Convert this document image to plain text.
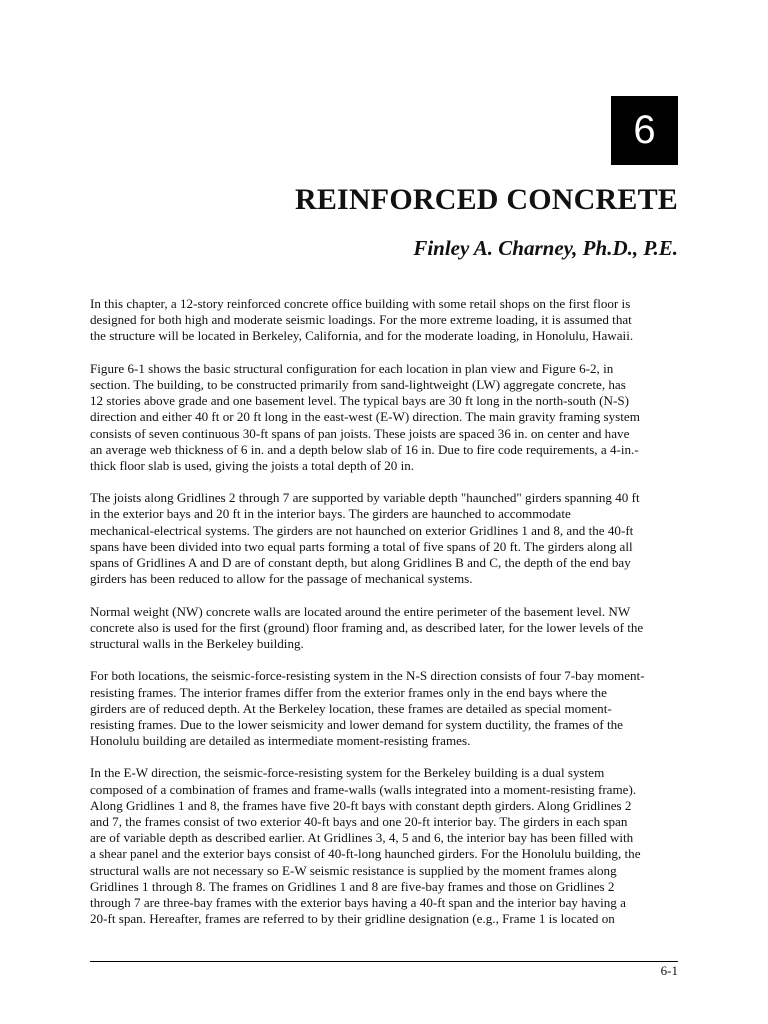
6
REINFORCED CONCRETE
Finley A. Charney, Ph.D., P.E.
In this chapter, a 12-story reinforced concrete office building with some retail shops on the first floor is
designed for both high and moderate seismic loadings. For the more extreme loading, it is assumed that
the structure will be located in Berkeley, California, and for the moderate loading, in Honolulu, Hawaii.
Figure 6-1 shows the basic structural configuration for each location in plan view and Figure 6-2, in
section. The building, to be constructed primarily from sand-lightweight (LW) aggregate concrete, has
12 stories above grade and one basement level. The typical bays are 30 ft long in the north-south (N-S)
direction and either 40 ft or 20 ft long in the east-west (E-W) direction. The main gravity framing system
consists of seven continuous 30-ft spans of pan joists. These joists are spaced 36 in. on center and have
an average web thickness of 6 in. and a depth below slab of 16 in. Due to fire code requirements, a 4-in.-
thick floor slab is used, giving the joists a total depth of 20 in.
The joists along Gridlines 2 through 7 are supported by variable depth "haunched" girders spanning 40 ft
in the exterior bays and 20 ft in the interior bays. The girders are haunched to accommodate
mechanical-electrical systems. The girders are not haunched on exterior Gridlines 1 and 8, and the 40-ft
spans have been divided into two equal parts forming a total of five spans of 20 ft. The girders along all
spans of Gridlines A and D are of constant depth, but along Gridlines B and C, the depth of the end bay
girders has been reduced to allow for the passage of mechanical systems.
Normal weight (NW) concrete walls are located around the entire perimeter of the basement level. NW
concrete also is used for the first (ground) floor framing and, as described later, for the lower levels of the
structural walls in the Berkeley building.
For both locations, the seismic-force-resisting system in the N-S direction consists of four 7-bay moment-
resisting frames. The interior frames differ from the exterior frames only in the end bays where the
girders are of reduced depth. At the Berkeley location, these frames are detailed as special moment-
resisting frames. Due to the lower seismicity and lower demand for system ductility, the frames of the
Honolulu building are detailed as intermediate moment-resisting frames.
In the E-W direction, the seismic-force-resisting system for the Berkeley building is a dual system
composed of a combination of frames and frame-walls (walls integrated into a moment-resisting frame).
Along Gridlines 1 and 8, the frames have five 20-ft bays with constant depth girders. Along Gridlines 2
and 7, the frames consist of two exterior 40-ft bays and one 20-ft interior bay. The girders in each span
are of variable depth as described earlier. At Gridlines 3, 4, 5 and 6, the interior bay has been filled with
a shear panel and the exterior bays consist of 40-ft-long haunched girders. For the Honolulu building, the
structural walls are not necessary so E-W seismic resistance is supplied by the moment frames along
Gridlines 1 through 8. The frames on Gridlines 1 and 8 are five-bay frames and those on Gridlines 2
through 7 are three-bay frames with the exterior bays having a 40-ft span and the interior bay having a
20-ft span. Hereafter, frames are referred to by their gridline designation (e.g., Frame 1 is located on
6-1
